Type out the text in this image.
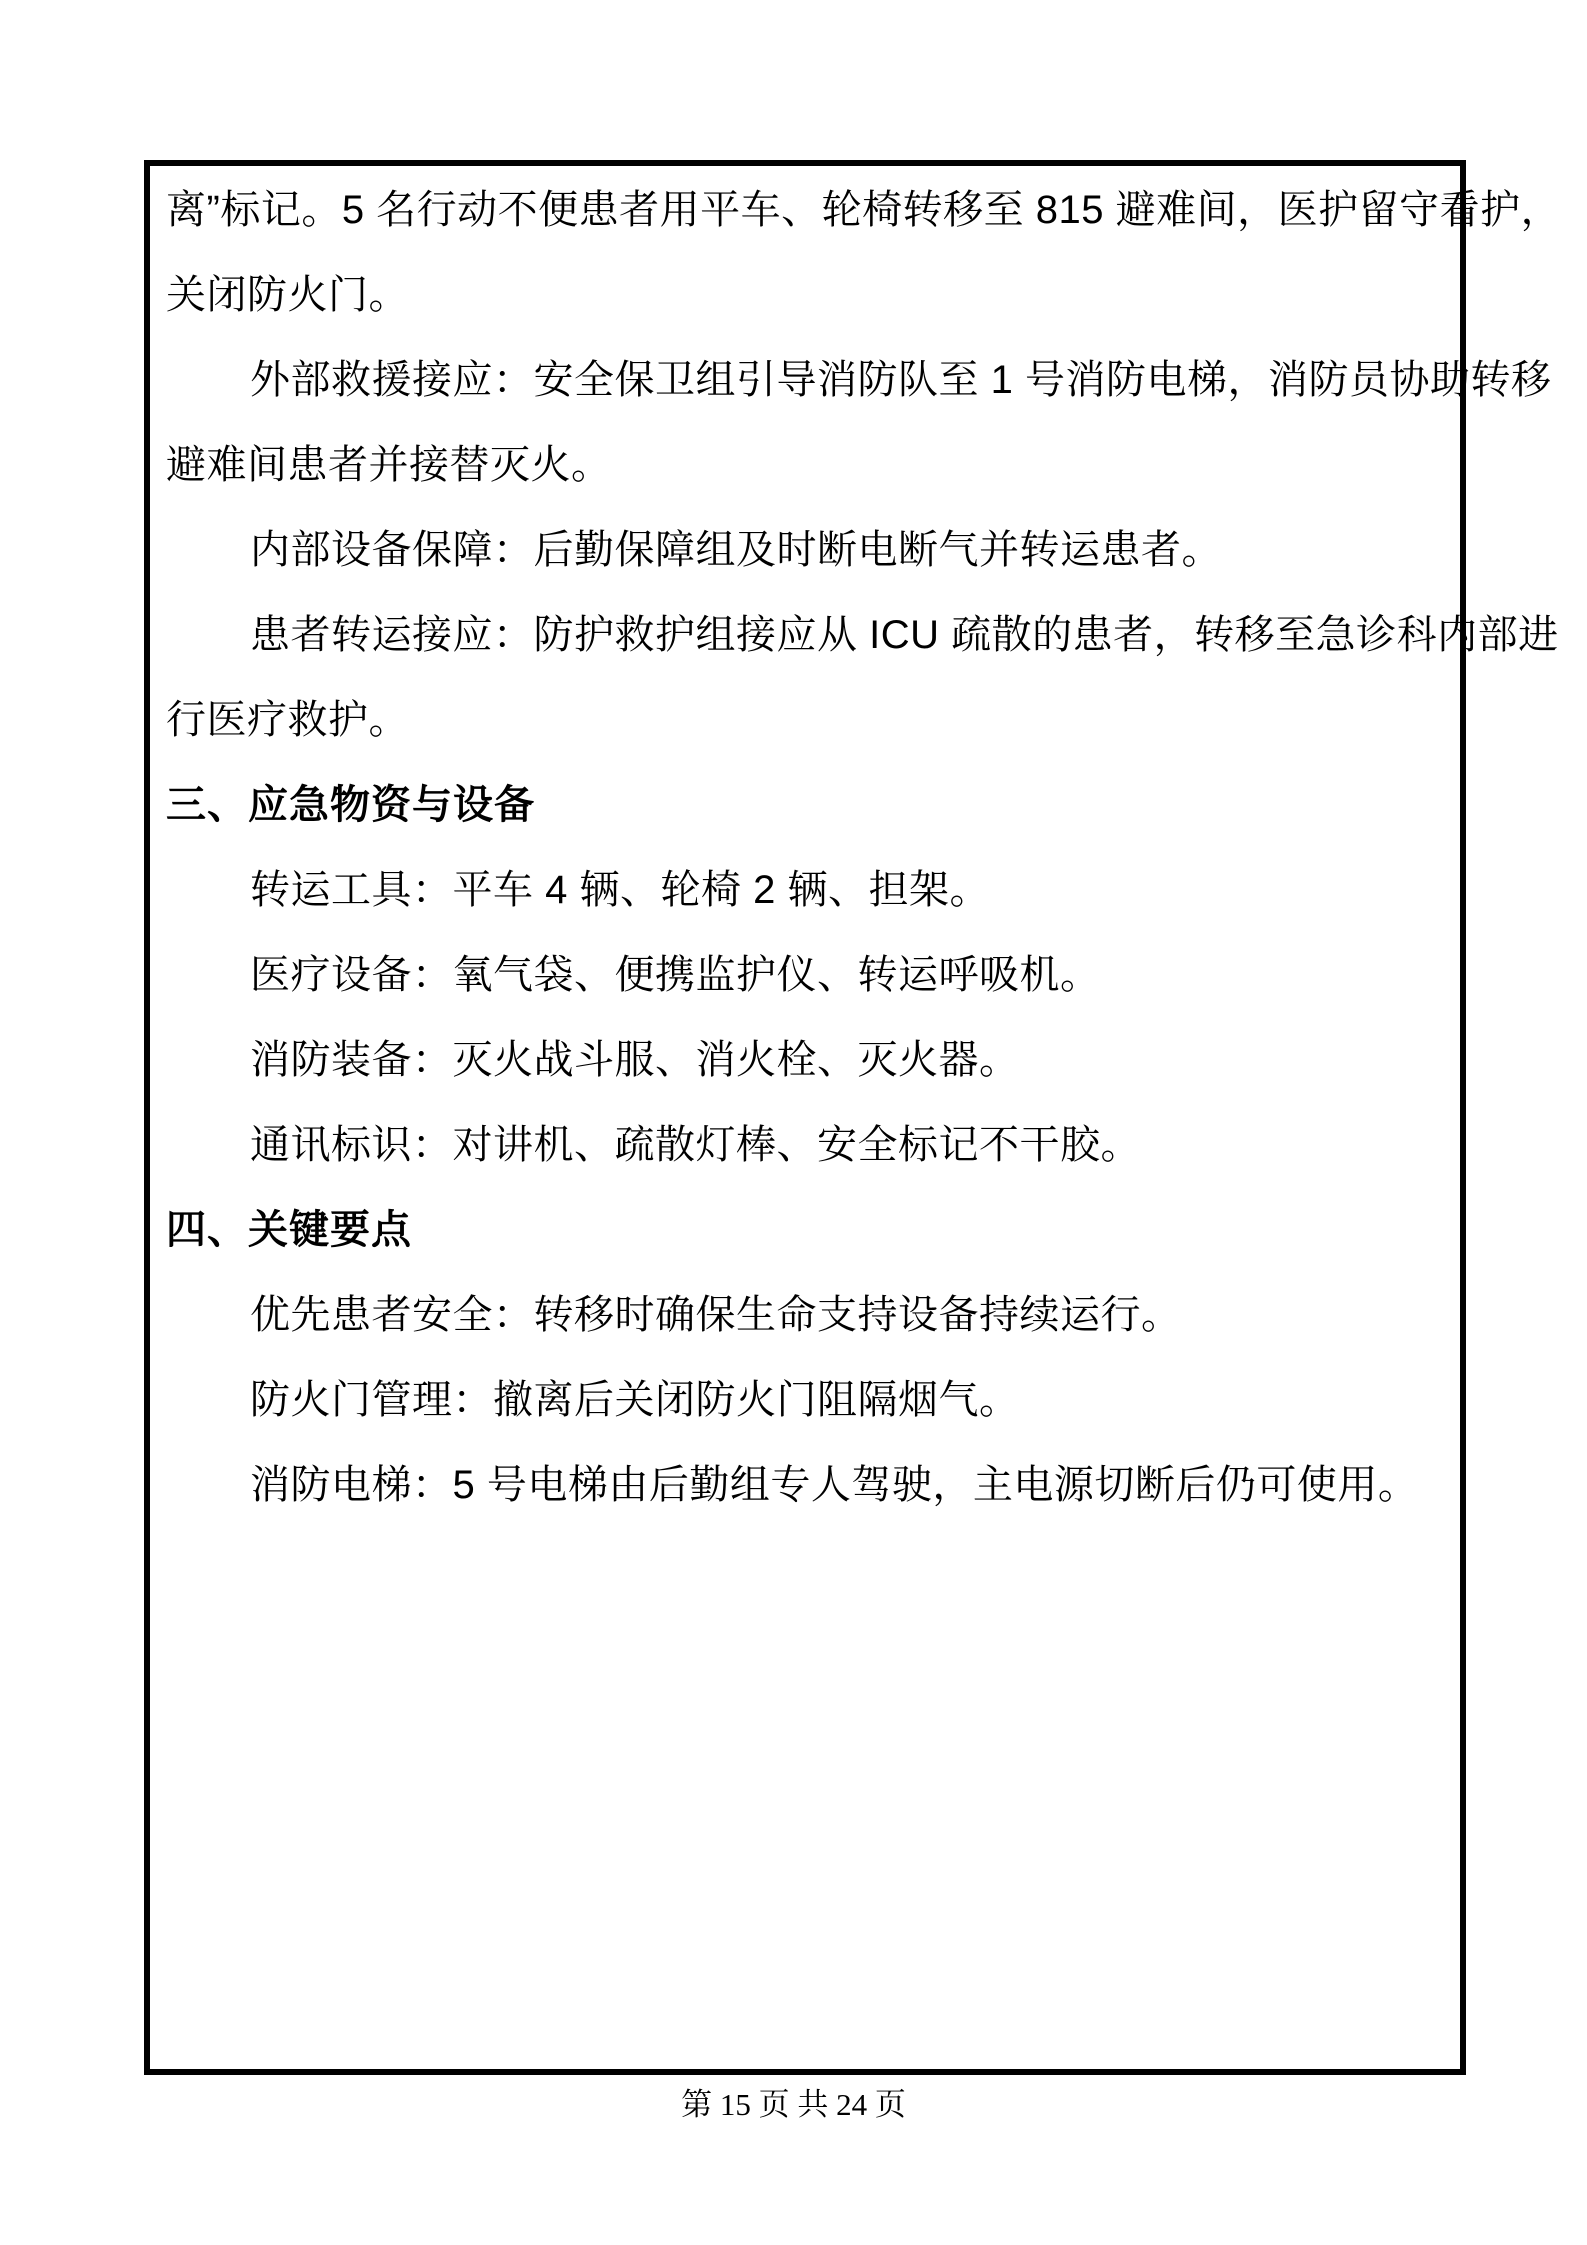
离”标记。5 名行动不便患者用平车、轮椅转移至 815 避难间，医护留守看护，
关闭防火门。
外部救援接应：安全保卫组引导消防队至 1 号消防电梯，消防员协助转移
避难间患者并接替灭火。
内部设备保障：后勤保障组及时断电断气并转运患者。
患者转运接应：防护救护组接应从 ICU 疏散的患者，转移至急诊科内部进
行医疗救护。
三、应急物资与设备
转运工具：平车 4 辆、轮椅 2 辆、担架。
医疗设备：氧气袋、便携监护仪、转运呼吸机。
消防装备：灭火战斗服、消火栓、灭火器。
通讯标识：对讲机、疏散灯棒、安全标记不干胶。
四、关键要点
优先患者安全：转移时确保生命支持设备持续运行。
防火门管理：撤离后关闭防火门阻隔烟气。
消防电梯：5 号电梯由后勤组专人驾驶，主电源切断后仍可使用。
第 15 页 共 24 页
